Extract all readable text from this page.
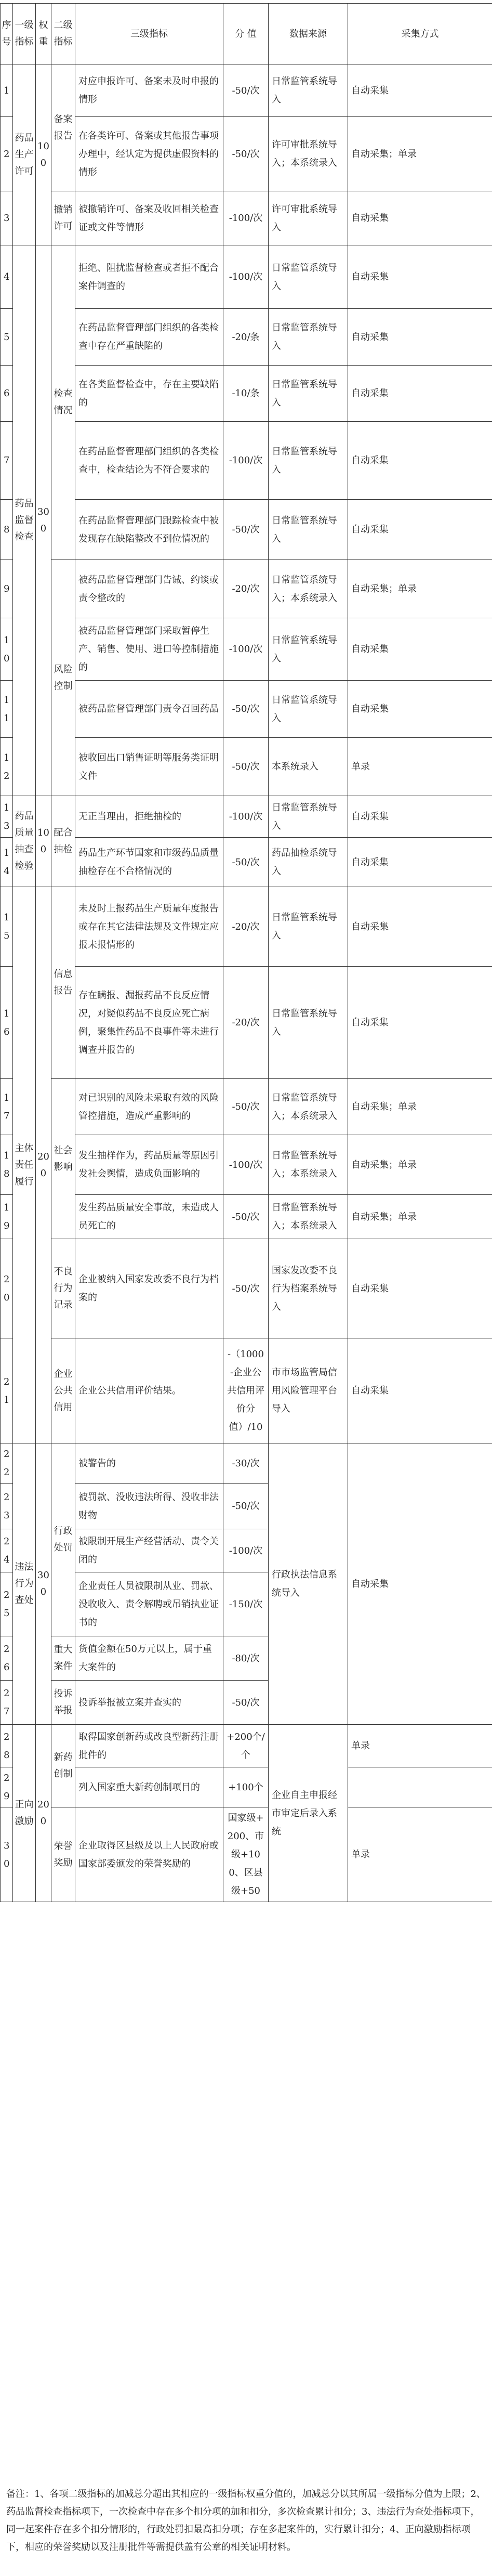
序号	一级指标	权重	二级指标	三级指标	分 值	数据来源	采集方式
1	药品生产许可	100	备案报告	对应申报许可、备案未及时申报的情形	-50/次	日常监管系统导入	自动采集
2				在各类许可、备案或其他报告事项办理中，经认定为提供虚假资料的情形	-50/次	许可审批系统导入；本系统录入	自动采集；单录
3			撤销许可	被撤销许可、备案及收回相关检查证或文件等情形	-100/次	许可审批系统导入	自动采集
4	药品监督检查	300	检查情况	拒绝、阻扰监督检查或者拒不配合案件调查的	-100/次	日常监管系统导入	自动采集
5				在药品监督管理部门组织的各类检查中存在严重缺陷的	-20/条	日常监管系统导入	自动采集
6				在各类监督检查中，存在主要缺陷的	-10/条	日常监管系统导入	自动采集
7				在药品监督管理部门组织的各类检查中，检查结论为不符合要求的	-100/次	日常监管系统导入	自动采集
8				在药品监督管理部门跟踪检查中被发现存在缺陷整改不到位情况的	-50/次	日常监管系统导入	自动采集
9			风险控制	被药品监督管理部门告诫、约谈或责令整改的	-20/次	日常监管系统导入；本系统录入	自动采集；单录
10				被药品监督管理部门采取暂停生产、销售、使用、进口等控制措施的	-100/次	日常监管系统导入	自动采集
11				被药品监督管理部门责令召回药品	-50/次	日常监管系统导入	自动采集
12				被收回出口销售证明等服务类证明文件	-50/次	本系统录入	单录
13	药品质量抽查检验	100	配合抽检	无正当理由，拒绝抽检的	-100/次	日常监管系统导入	自动采集
14				药品生产环节国家和市级药品质量抽检存在不合格情况的	-50/次	药品抽检系统导入	自动采集
15	主体责任履行	200	信息报告	未及时上报药品生产质量年度报告或存在其它法律法规及文件规定应报未报情形的	-20/次	日常监管系统导入	自动采集
16				存在瞒报、漏报药品不良反应情况，对疑似药品不良反应死亡病例，聚集性药品不良事件等未进行调查并报告的	-20/次	日常监管系统导入	自动采集
17			社会影响	对已识别的风险未采取有效的风险管控措施，造成严重影响的	-50/次	日常监管系统导入；本系统录入	自动采集；单录
18				发生抽样作为，药品质量等原因引发社会舆情，造成负面影响的	-100/次	日常监管系统导入；本系统录入	自动采集；单录
19				发生药品质量安全事故，未造成人员死亡的	-50/次	日常监管系统导入；本系统录入	自动采集；单录
20			不良行为记录	企业被纳入国家发改委不良行为档案的	-50/次	国家发改委不良行为档案系统导入	自动采集
21			企业公共信用	企业公共信用评价结果。	-（1000-企业公共信用评价分值）/10	市市场监管局信用风险管理平台导入	自动采集
22	违法行为查处	300	行政处罚	被警告的	-30/次	行政执法信息系统导入	自动采集
23				被罚款、没收违法所得、没收非法财物	-50/次		
24				被限制开展生产经营活动、责令关闭的	-100/次		
25				企业责任人员被限制从业、罚款、没收收入、责令解聘或吊销执业证书的	-150/次		
26			重大案件	货值金额在50万元以上，属于重大案件的	-80/次		
27			投诉举报	投诉举报被立案并查实的	-50/次		
28	正向激励	200	新药创制	取得国家创新药或改良型新药注册批件的	+200个/个	企业自主申报经市审定后录入系统	单录
29				列入国家重大新药创制项目的	+100个		
30			荣誉奖励	企业取得区县级及以上人民政府或国家部委颁发的荣誉奖励的	国家级+200、市级+100、区县级+50		单录
备注：1、各项二级指标的加减总分超出其相应的一级指标权重分值的，加减总分以其所属一级指标分值为上限；2、药品监督检查指标项下，一次检查中存在多个扣分项的加和扣分，多次检查累计扣分；3、违法行为查处指标项下，同一起案件存在多个扣分情形的，行政处罚扣最高扣分项；存在多起案件的，实行累计扣分；4、正向激励指标项下，相应的荣誉奖励以及注册批件等需提供盖有公章的相关证明材料。
